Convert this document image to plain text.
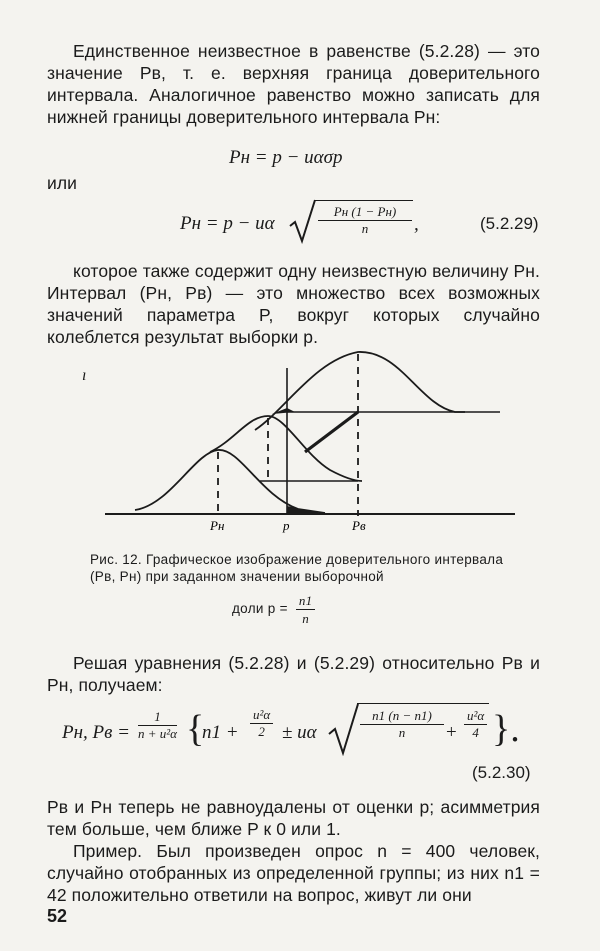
Единственное неизвестное в равенстве (5.2.28) — это значение Pв, т. е. верхняя граница доверительного интервала. Аналогичное равенство можно записать для нижней границы доверительного интервала Pн:
Pн = p − uασp
или
Pн = p − uα
Pн (1 − Pн)
n	,	(5.2.29)
которое также содержит одну неизвестную величину Pн. Интервал (Pн, Pв) — это множество всех возможных значений параметра P, вокруг которых случайно колеблется результат выборки p.
ı
Pн	p	Pв
Рис. 12. Графическое изображение доверительного интервала (Pв, Pн) при заданном значении выборочной
доли $p = \frac{n1}{n}$
Решая уравнения (5.2.28) и (5.2.29) относительно Pв и Pн, получаем:
Pн, Pв = $\frac{1}{\text{n + u²α}}$ {
$n1 + \frac{\text{u²α}}{2} \pm u\alpha$	$\frac{n1 (n - n1)}{n} + \frac{\text{u²α}}{4}$ }.
(5.2.30)
Pв и Pн теперь не равноудалены от оценки p; асимметрия тем больше, чем ближе P к 0 или 1.
Пример. Был произведен опрос n = 400 человек, случайно отобранных из определенной группы; из них n1 = 42 положительно ответили на вопрос, живут ли они
52
